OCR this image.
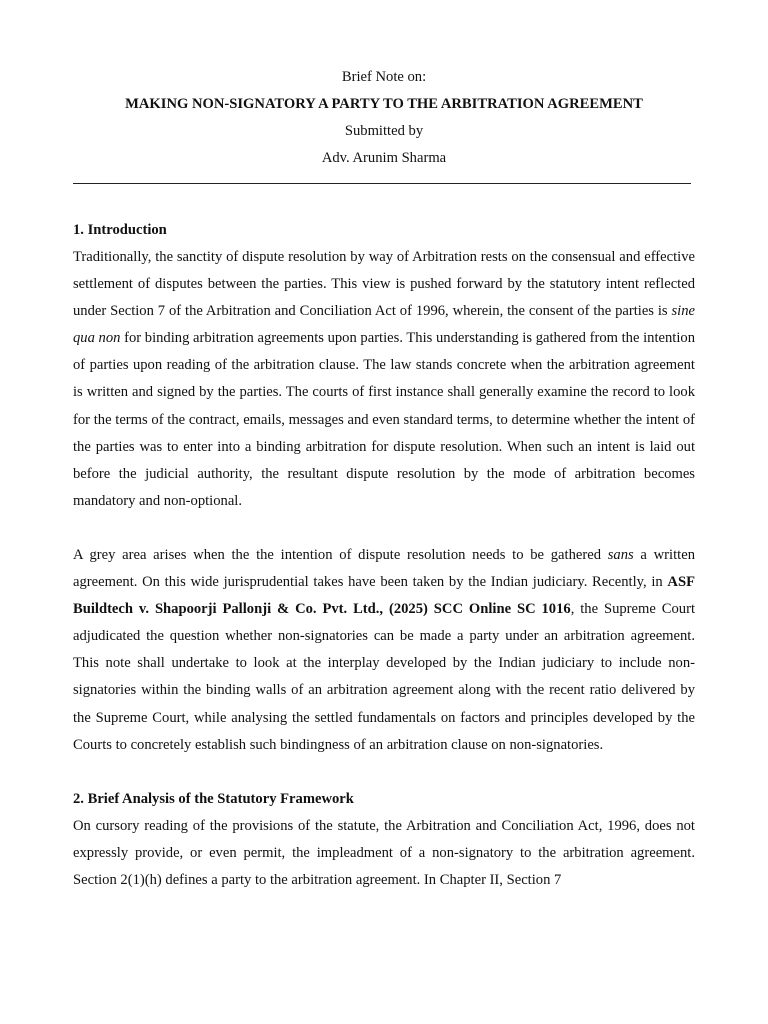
Brief Note on:
MAKING NON-SIGNATORY A PARTY TO THE ARBITRATION AGREEMENT
Submitted by
Adv. Arunim Sharma
1. Introduction

Traditionally, the sanctity of dispute resolution by way of Arbitration rests on the consensual and effective settlement of disputes between the parties. This view is pushed forward by the statutory intent reflected under Section 7 of the Arbitration and Conciliation Act of 1996, wherein, the consent of the parties is sine qua non for binding arbitration agreements upon parties. This understanding is gathered from the intention of parties upon reading of the arbitration clause. The law stands concrete when the arbitration agreement is written and signed by the parties. The courts of first instance shall generally examine the record to look for the terms of the contract, emails, messages and even standard terms, to determine whether the intent of the parties was to enter into a binding arbitration for dispute resolution. When such an intent is laid out before the judicial authority, the resultant dispute resolution by the mode of arbitration becomes mandatory and non-optional.

A grey area arises when the the intention of dispute resolution needs to be gathered sans a written agreement. On this wide jurisprudential takes have been taken by the Indian judiciary. Recently, in ASF Buildtech v. Shapoorji Pallonji & Co. Pvt. Ltd., (2025) SCC Online SC 1016, the Supreme Court adjudicated the question whether non-signatories can be made a party under an arbitration agreement. This note shall undertake to look at the interplay developed by the Indian judiciary to include non-signatories within the binding walls of an arbitration agreement along with the recent ratio delivered by the Supreme Court, while analysing the settled fundamentals on factors and principles developed by the Courts to concretely establish such bindingness of an arbitration clause on non-signatories.

2. Brief Analysis of the Statutory Framework

On cursory reading of the provisions of the statute, the Arbitration and Conciliation Act, 1996, does not expressly provide, or even permit, the impleadment of a non-signatory to the arbitration agreement. Section 2(1)(h) defines a party to the arbitration agreement. In Chapter II, Section 7
